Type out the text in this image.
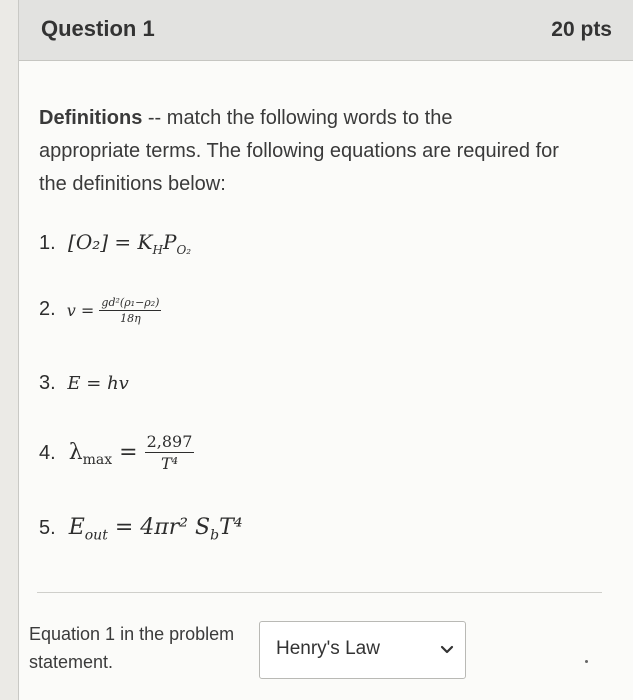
Question 1	20 pts
Definitions -- match the following words to the appropriate terms. The following equations are required for the definitions below:
1. $[O_2] = K_HP_{O_2}$
2. $v = \frac{\text{gd²(ρ₁−ρ₂)}}{18\eta}$
3. E = hv
4. $\lambda_{max} = \frac{2,897}{\text{T⁴}}$
5. $E_{out} = 4\pi r^2$ $S_bT^4$
Equation 1 in the problem statement.
Henry's Law
